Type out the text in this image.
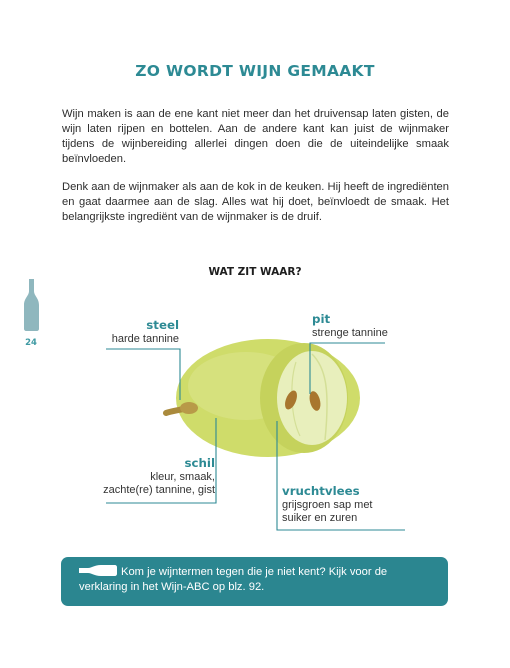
ZO WORDT WIJN GEMAAKT

Wijn maken is aan de ene kant niet meer dan het druivensap laten gisten, de wijn laten rijpen en bottelen. Aan de andere kant kan juist de wijnmaker tijdens de wijnbereiding allerlei dingen doen die de uiteindelijke smaak beïnvloeden.

Denk aan de wijnmaker als aan de kok in de keuken. Hij heeft de ingrediënten en gaat daarmee aan de slag. Alles wat hij doet, beïnvloedt de smaak. Het belangrijkste ingrediënt van de wijnmaker is de druif.

WAT ZIT WAAR?
24
steel
harde tannine
pit
strenge tannine
schil
kleur, smaak,
zachte(re) tannine, gist	vruchtvlees
grijsgroen sap met
suiker en zuren
Kom je wijntermen tegen die je niet kent? Kijk voor de verklaring in het Wijn-ABC op blz. 92.
